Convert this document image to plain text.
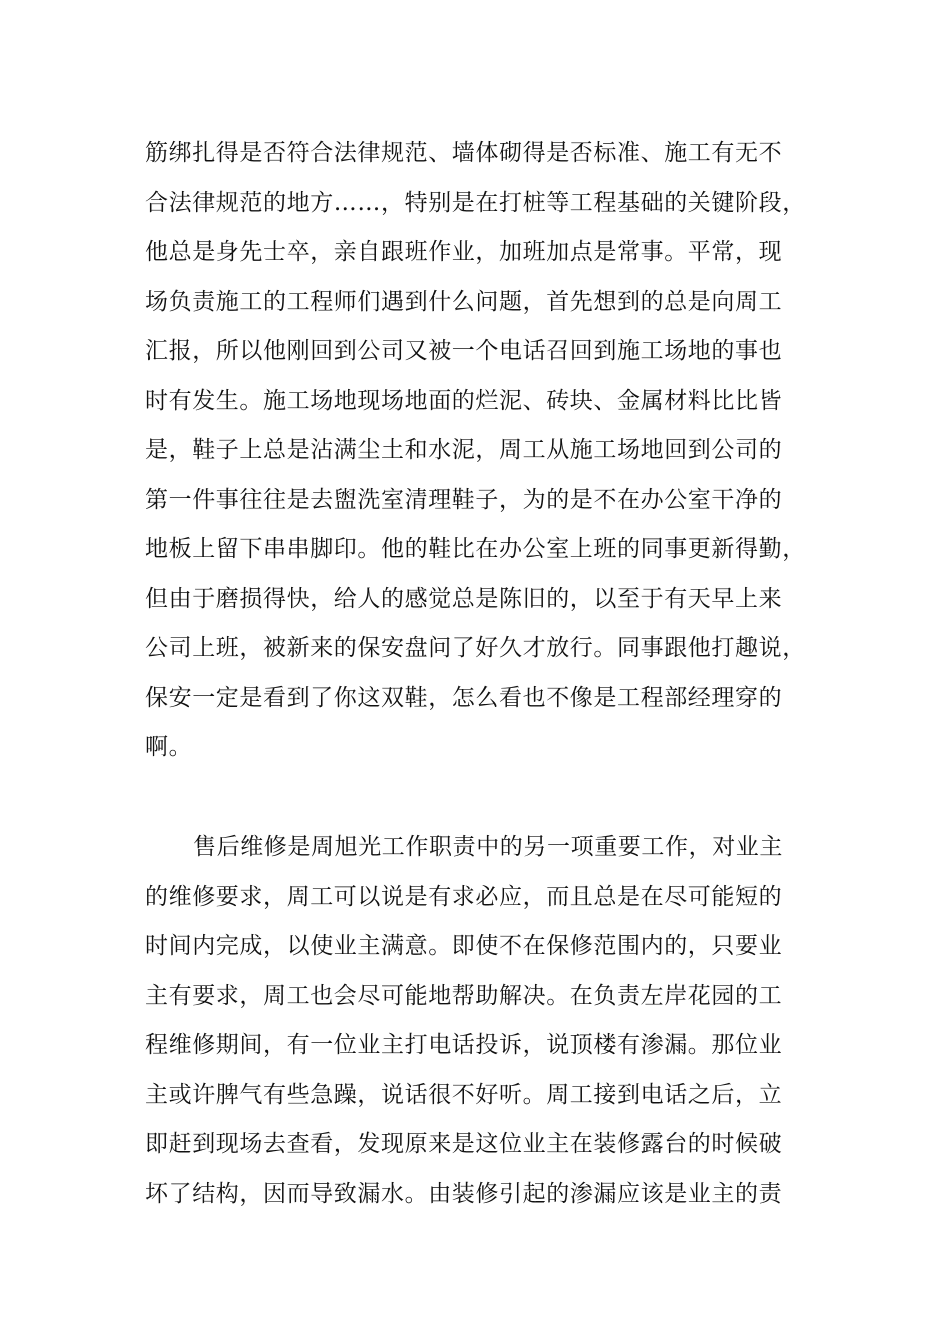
筋绑扎得是否符合法律规范、墙体砌得是否标准、施工有无不
合法律规范的地方……，特别是在打桩等工程基础的关键阶段，
他总是身先士卒，亲自跟班作业，加班加点是常事。平常，现
场负责施工的工程师们遇到什么问题，首先想到的总是向周工
汇报，所以他刚回到公司又被一个电话召回到施工场地的事也
时有发生。施工场地现场地面的烂泥、砖块、金属材料比比皆
是，鞋子上总是沾满尘土和水泥，周工从施工场地回到公司的
第一件事往往是去盥洗室清理鞋子，为的是不在办公室干净的
地板上留下串串脚印。他的鞋比在办公室上班的同事更新得勤，
但由于磨损得快，给人的感觉总是陈旧的，以至于有天早上来
公司上班，被新来的保安盘问了好久才放行。同事跟他打趣说，
保安一定是看到了你这双鞋，怎么看也不像是工程部经理穿的
啊。
售后维修是周旭光工作职责中的另一项重要工作，对业主
的维修要求，周工可以说是有求必应，而且总是在尽可能短的
时间内完成，以使业主满意。即使不在保修范围内的，只要业
主有要求，周工也会尽可能地帮助解决。在负责左岸花园的工
程维修期间，有一位业主打电话投诉，说顶楼有渗漏。那位业
主或许脾气有些急躁，说话很不好听。周工接到电话之后，立
即赶到现场去查看，发现原来是这位业主在装修露台的时候破
坏了结构，因而导致漏水。由装修引起的渗漏应该是业主的责
